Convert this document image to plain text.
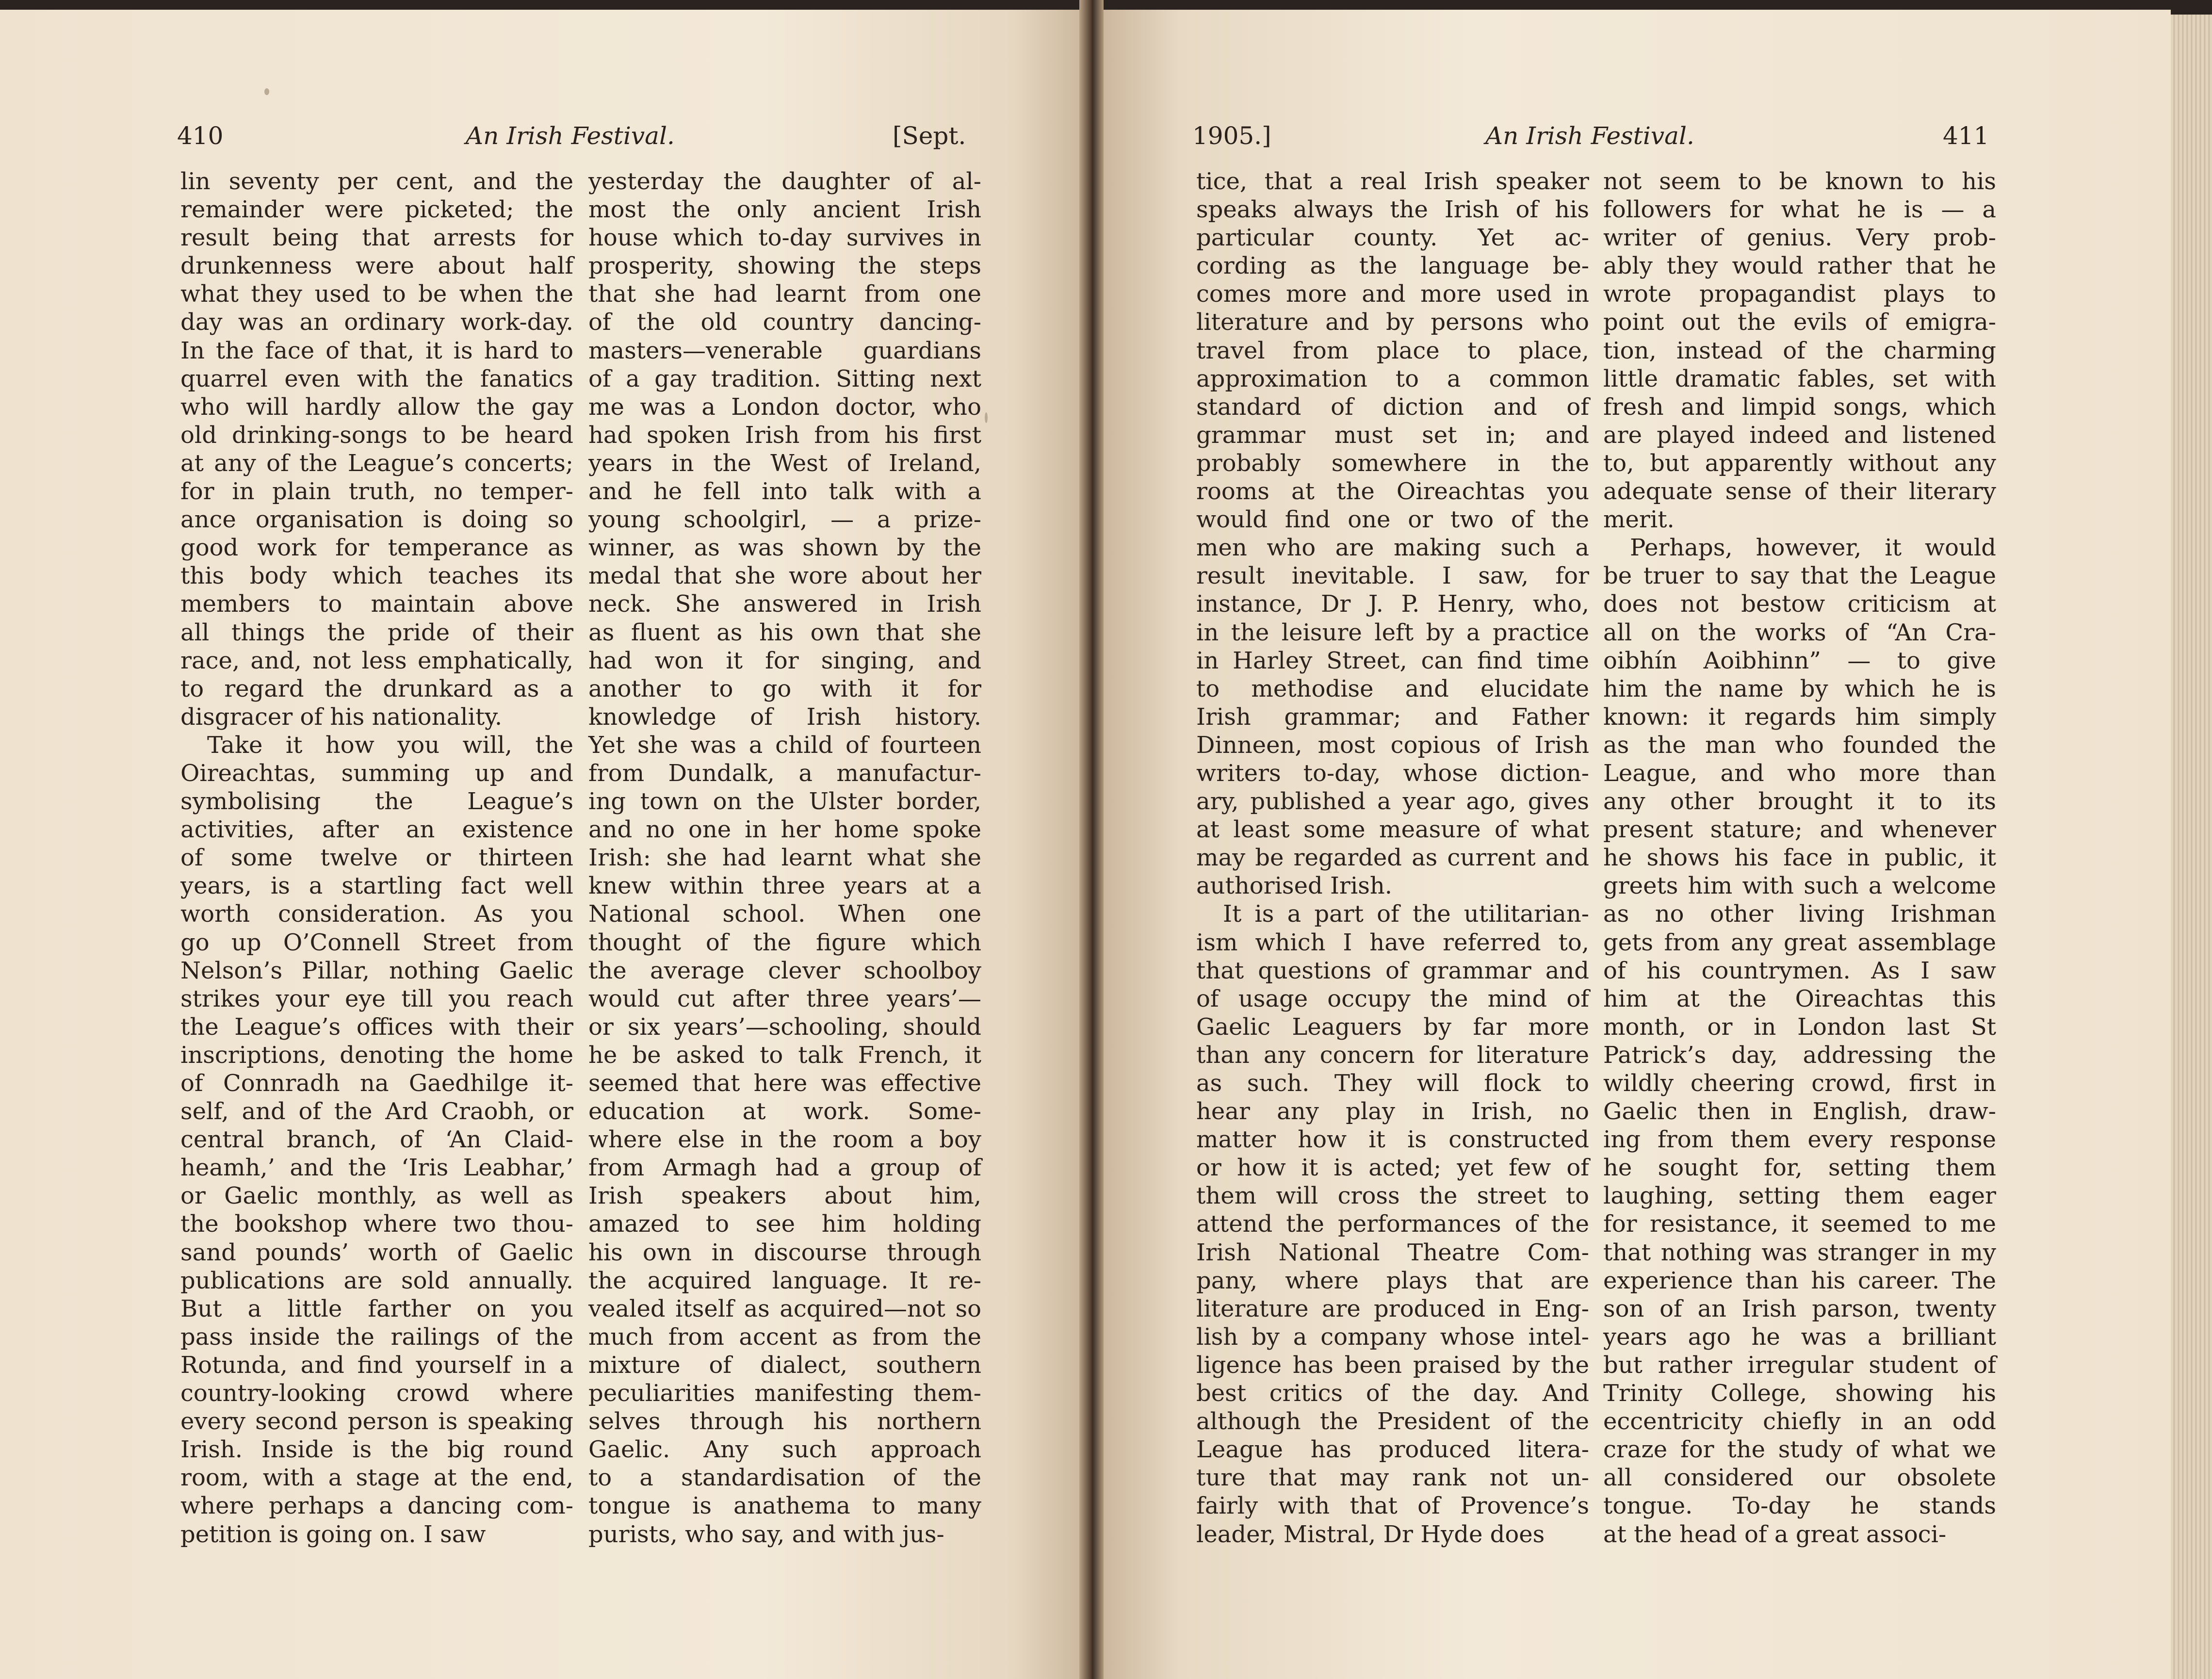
410	An Irish Festival.	[Sept.	1905.]	An Irish Festival.	411
lin seventy per cent, and the
remainder were picketed; the
result being that arrests for
drunkenness were about half
what they used to be when the
day was an ordinary work-day.
In the face of that, it is hard to
quarrel even with the fanatics
who will hardly allow the gay
old drinking-songs to be heard
at any of the League’s concerts;
for in plain truth, no temper-
ance organisation is doing so
good work for temperance as
this body which teaches its
members to maintain above
all things the pride of their
race, and, not less emphatically,
to regard the drunkard as a
disgracer of his nationality.
Take it how you will, the
Oireachtas, summing up and
symbolising the League’s
activities, after an existence
of some twelve or thirteen
years, is a startling fact well
worth consideration. As you
go up O’Connell Street from
Nelson’s Pillar, nothing Gaelic
strikes your eye till you reach
the League’s offices with their
inscriptions, denoting the home
of Connradh na Gaedhilge it-
self, and of the Ard Craobh, or
central branch, of ‘An Claid-
heamh,’ and the ‘Iris Leabhar,’
or Gaelic monthly, as well as
the bookshop where two thou-
sand pounds’ worth of Gaelic
publications are sold annually.
But a little farther on you
pass inside the railings of the
Rotunda, and find yourself in a
country-looking crowd where
every second person is speaking
Irish. Inside is the big round
room, with a stage at the end,
where perhaps a dancing com-
petition is going on. I saw
yesterday the daughter of al-
most the only ancient Irish
house which to-day survives in
prosperity, showing the steps
that she had learnt from one
of the old country dancing-
masters—venerable guardians
of a gay tradition. Sitting next
me was a London doctor, who
had spoken Irish from his first
years in the West of Ireland,
and he fell into talk with a
young schoolgirl, — a prize-
winner, as was shown by the
medal that she wore about her
neck. She answered in Irish
as fluent as his own that she
had won it for singing, and
another to go with it for
knowledge of Irish history.
Yet she was a child of fourteen
from Dundalk, a manufactur-
ing town on the Ulster border,
and no one in her home spoke
Irish: she had learnt what she
knew within three years at a
National school. When one
thought of the figure which
the average clever schoolboy
would cut after three years’—
or six years’—schooling, should
he be asked to talk French, it
seemed that here was effective
education at work. Some-
where else in the room a boy
from Armagh had a group of
Irish speakers about him,
amazed to see him holding
his own in discourse through
the acquired language. It re-
vealed itself as acquired—not so
much from accent as from the
mixture of dialect, southern
peculiarities manifesting them-
selves through his northern
Gaelic. Any such approach
to a standardisation of the
tongue is anathema to many
purists, who say, and with jus-
tice, that a real Irish speaker
speaks always the Irish of his
particular county. Yet ac-
cording as the language be-
comes more and more used in
literature and by persons who
travel from place to place,
approximation to a common
standard of diction and of
grammar must set in; and
probably somewhere in the
rooms at the Oireachtas you
would find one or two of the
men who are making such a
result inevitable. I saw, for
instance, Dr J. P. Henry, who,
in the leisure left by a practice
in Harley Street, can find time
to methodise and elucidate
Irish grammar; and Father
Dinneen, most copious of Irish
writers to-day, whose diction-
ary, published a year ago, gives
at least some measure of what
may be regarded as current and
authorised Irish.
It is a part of the utilitarian-
ism which I have referred to,
that questions of grammar and
of usage occupy the mind of
Gaelic Leaguers by far more
than any concern for literature
as such. They will flock to
hear any play in Irish, no
matter how it is constructed
or how it is acted; yet few of
them will cross the street to
attend the performances of the
Irish National Theatre Com-
pany, where plays that are
literature are produced in Eng-
lish by a company whose intel-
ligence has been praised by the
best critics of the day. And
although the President of the
League has produced litera-
ture that may rank not un-
fairly with that of Provence’s
leader, Mistral, Dr Hyde does
not seem to be known to his
followers for what he is — a
writer of genius. Very prob-
ably they would rather that he
wrote propagandist plays to
point out the evils of emigra-
tion, instead of the charming
little dramatic fables, set with
fresh and limpid songs, which
are played indeed and listened
to, but apparently without any
adequate sense of their literary
merit.
Perhaps, however, it would
be truer to say that the League
does not bestow criticism at
all on the works of “An Cra-
oibhín Aoibhinn” — to give
him the name by which he is
known: it regards him simply
as the man who founded the
League, and who more than
any other brought it to its
present stature; and whenever
he shows his face in public, it
greets him with such a welcome
as no other living Irishman
gets from any great assemblage
of his countrymen. As I saw
him at the Oireachtas this
month, or in London last St
Patrick’s day, addressing the
wildly cheering crowd, first in
Gaelic then in English, draw-
ing from them every response
he sought for, setting them
laughing, setting them eager
for resistance, it seemed to me
that nothing was stranger in my
experience than his career. The
son of an Irish parson, twenty
years ago he was a brilliant
but rather irregular student of
Trinity College, showing his
eccentricity chiefly in an odd
craze for the study of what we
all considered our obsolete
tongue. To-day he stands
at the head of a great associ-
